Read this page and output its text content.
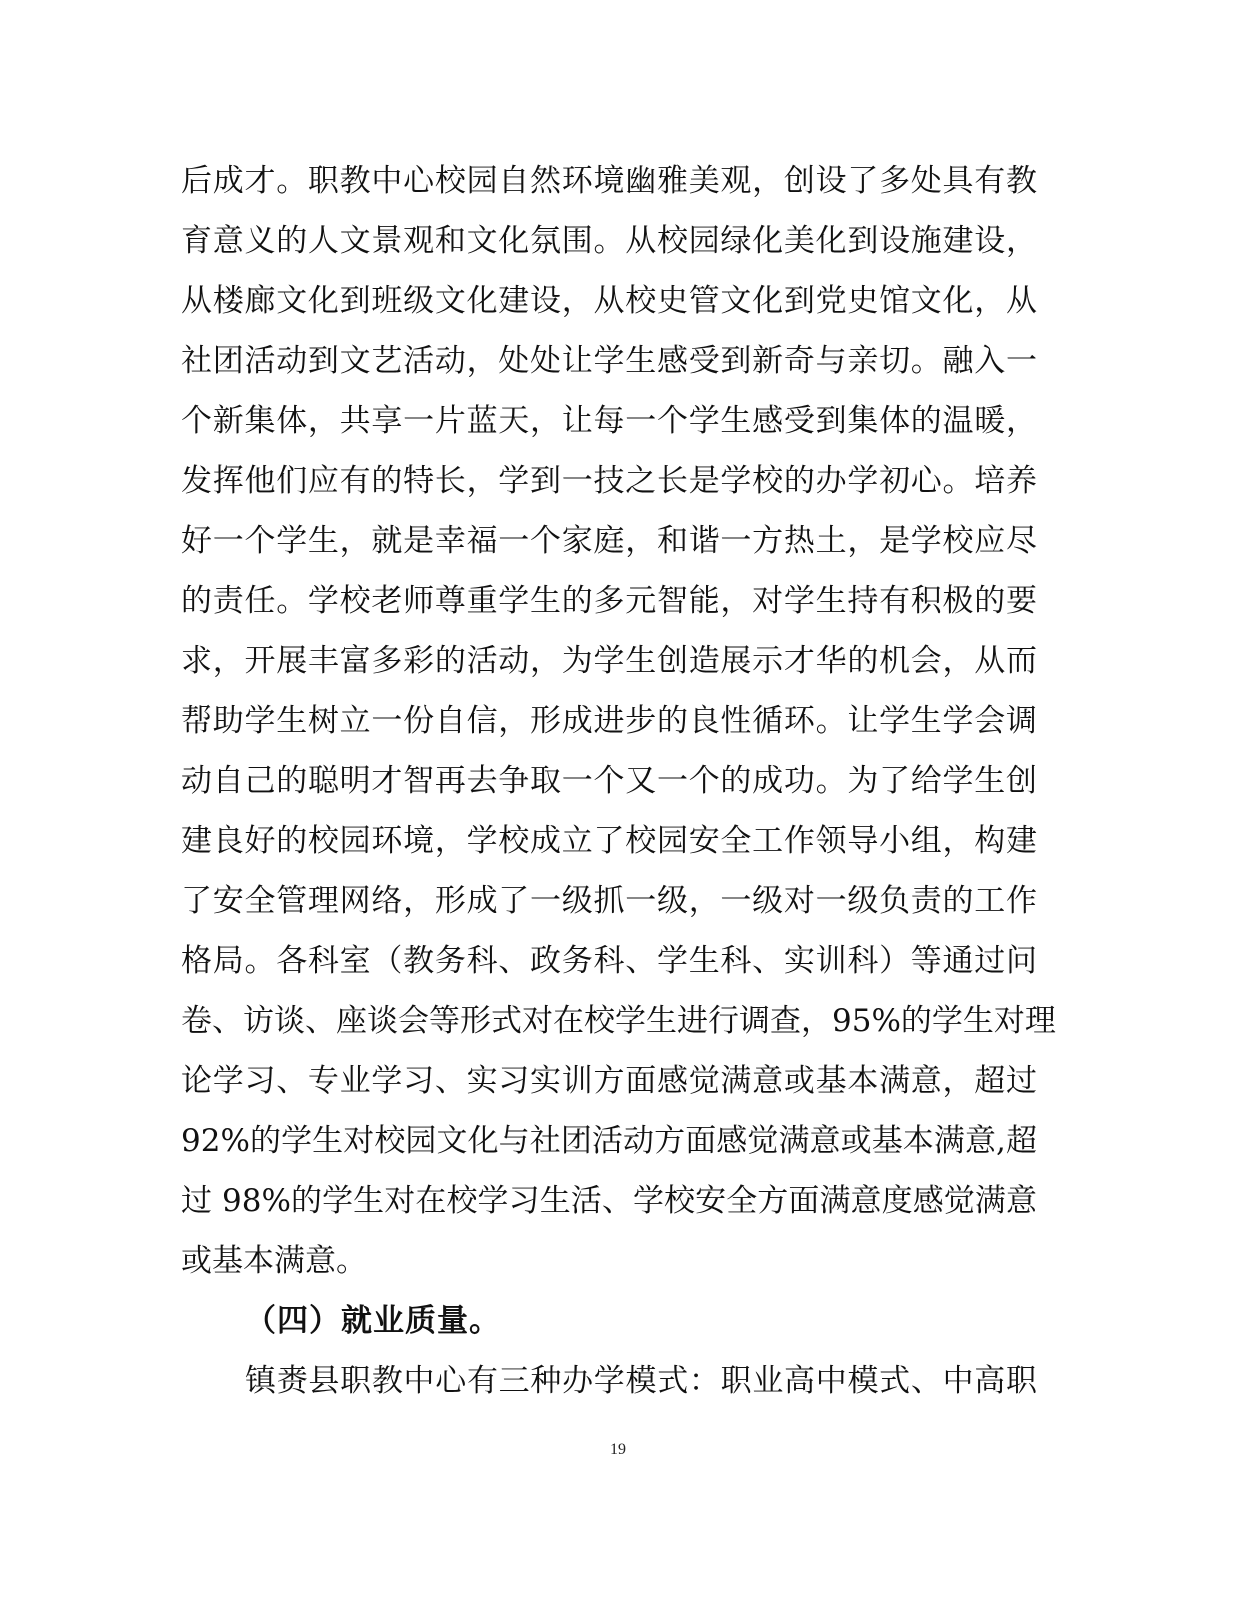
后成才。职教中心校园自然环境幽雅美观，创设了多处具有教
育意义的人文景观和文化氛围。从校园绿化美化到设施建设，
从楼廊文化到班级文化建设，从校史管文化到党史馆文化，从
社团活动到文艺活动，处处让学生感受到新奇与亲切。融入一
个新集体，共享一片蓝天，让每一个学生感受到集体的温暖，
发挥他们应有的特长，学到一技之长是学校的办学初心。培养
好一个学生，就是幸福一个家庭，和谐一方热土，是学校应尽
的责任。学校老师尊重学生的多元智能，对学生持有积极的要
求，开展丰富多彩的活动，为学生创造展示才华的机会，从而
帮助学生树立一份自信，形成进步的良性循环。让学生学会调
动自己的聪明才智再去争取一个又一个的成功。为了给学生创
建良好的校园环境，学校成立了校园安全工作领导小组，构建
了安全管理网络，形成了一级抓一级，一级对一级负责的工作
格局。各科室（教务科、政务科、学生科、实训科）等通过问
卷、访谈、座谈会等形式对在校学生进行调查，95%的学生对理
论学习、专业学习、实习实训方面感觉满意或基本满意，超过
92%的学生对校园文化与社团活动方面感觉满意或基本满意,超
过 98%的学生对在校学习生活、学校安全方面满意度感觉满意
或基本满意。
（四）就业质量。
镇赉县职教中心有三种办学模式：职业高中模式、中高职
19
